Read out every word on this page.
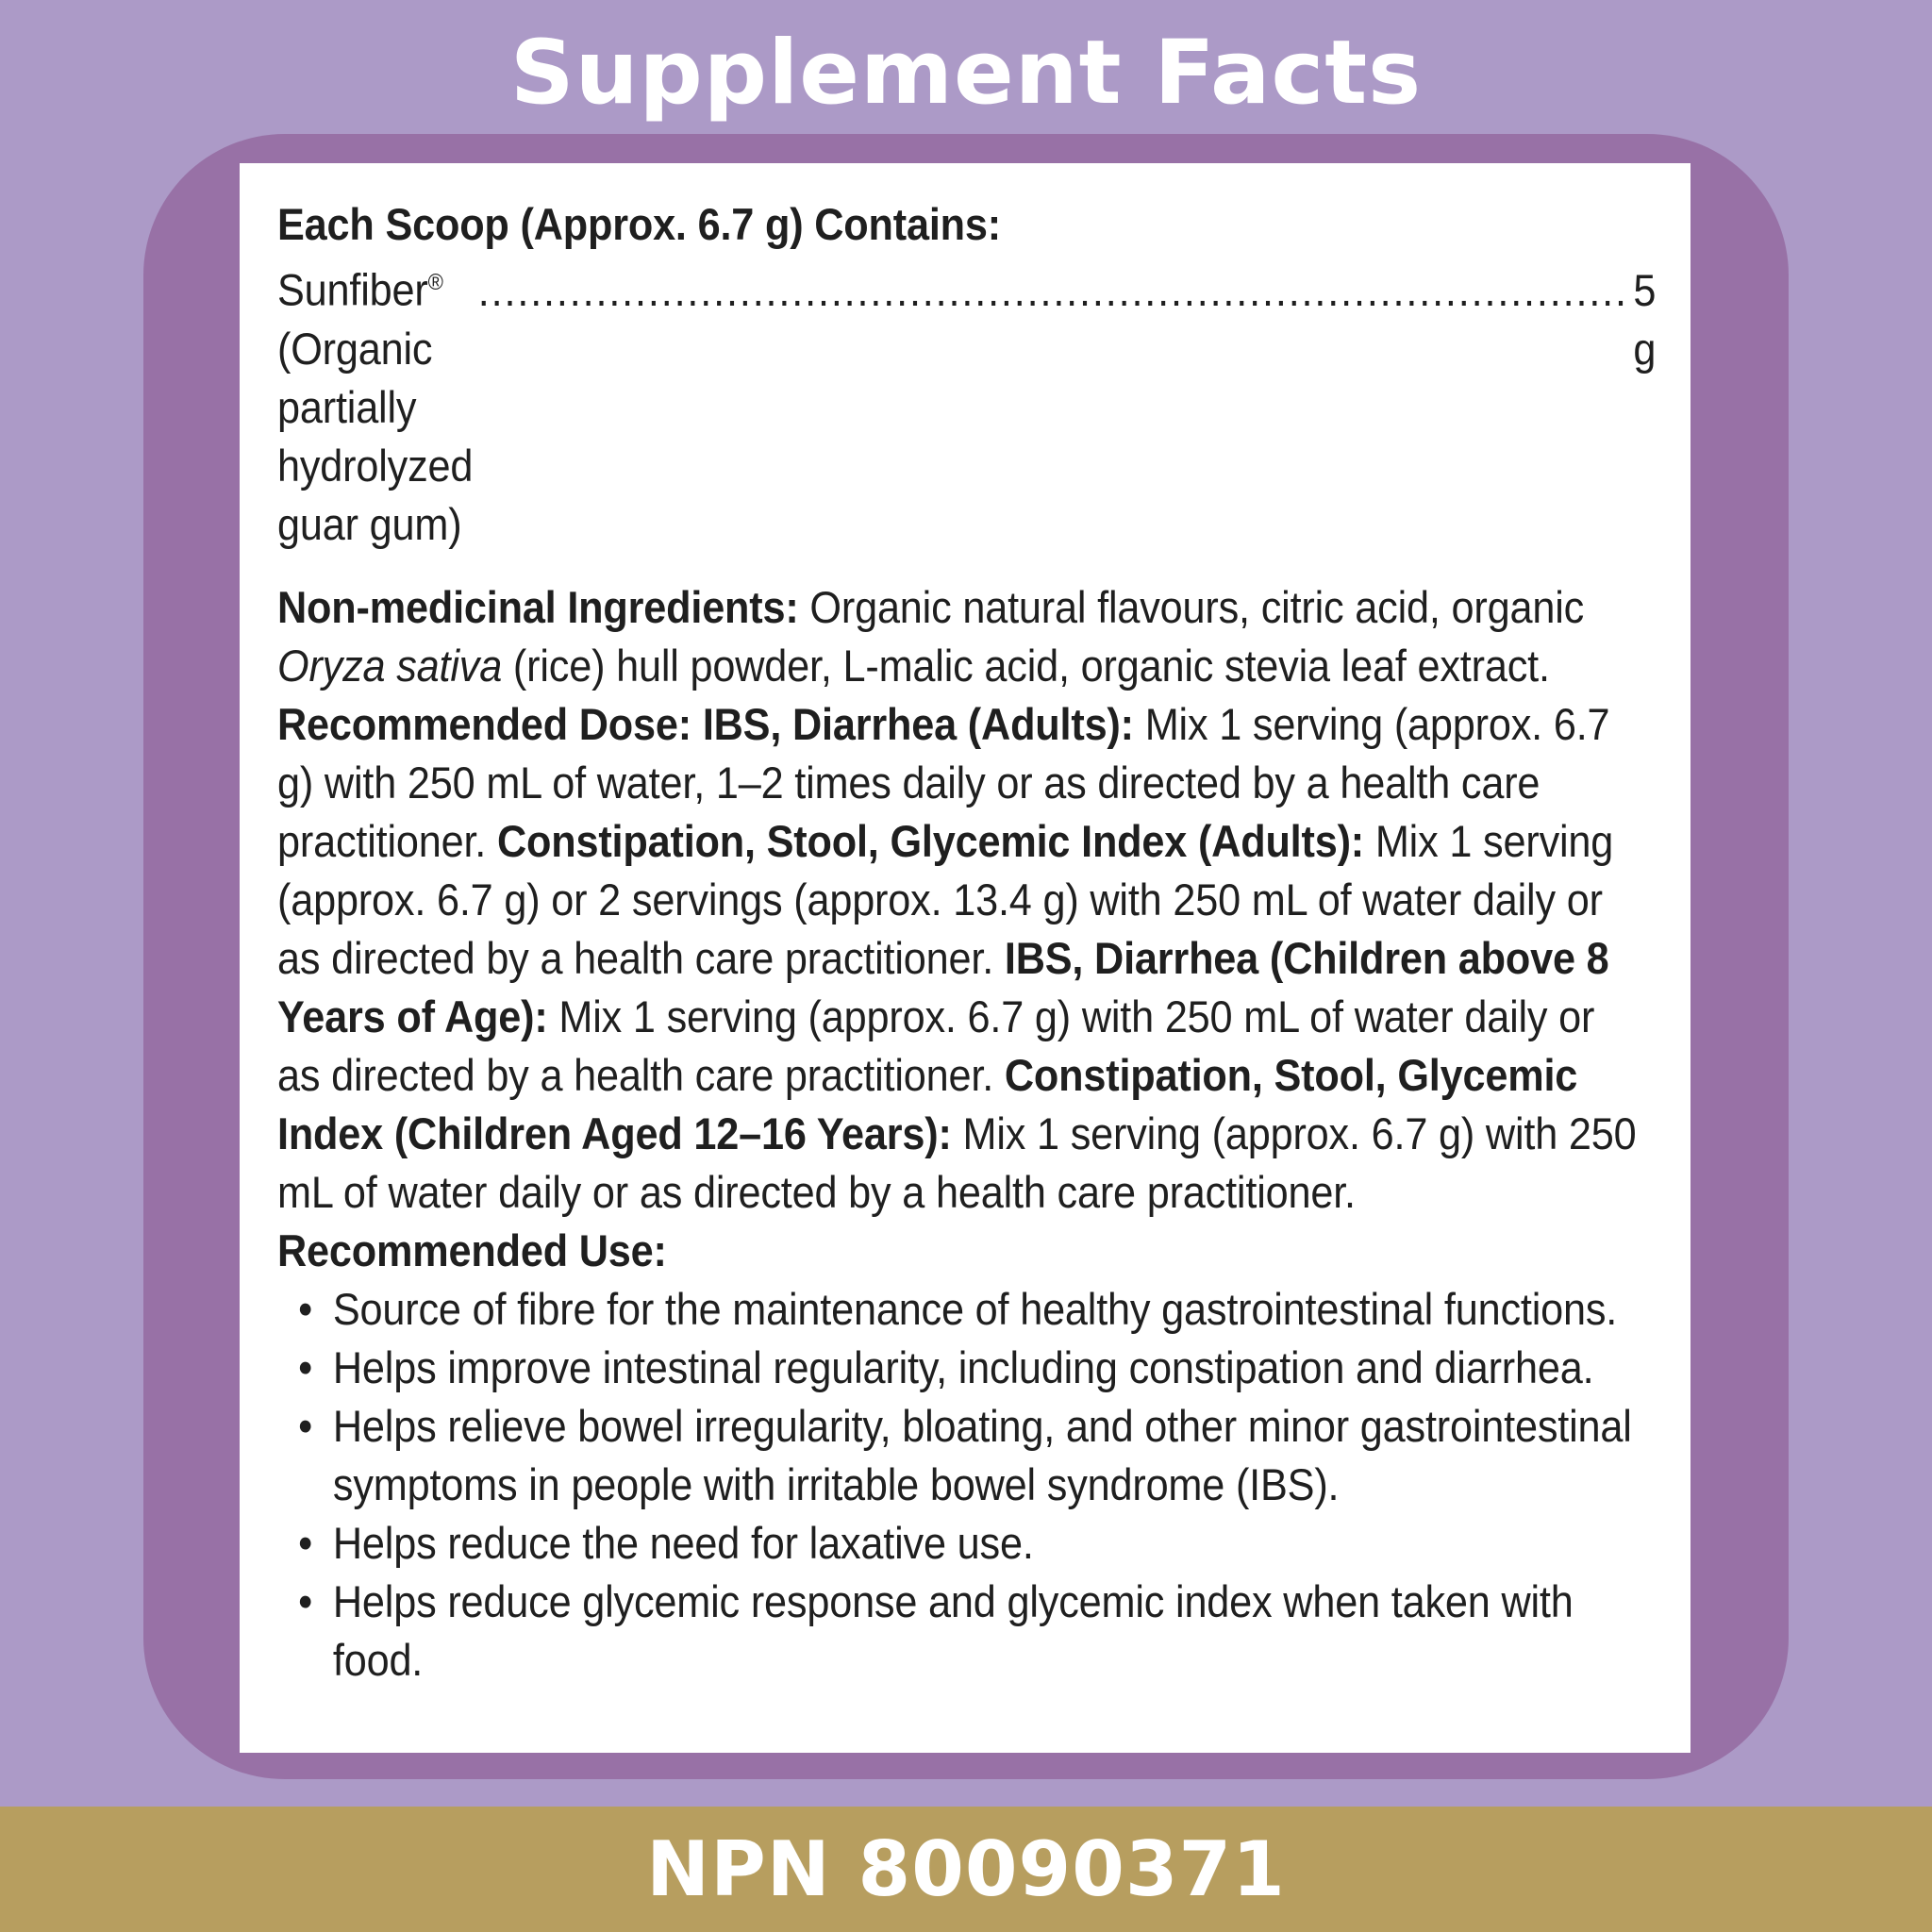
Supplement Facts

Each Scoop (Approx. 6.7 g) Contains:

Sunfiber® (Organic partially hydrolyzed guar gum)
........................................................................................ 5 g

Non-medicinal Ingredients: Organic natural flavours, citric acid, organic Oryza sativa (rice) hull powder, L-malic acid, organic stevia leaf extract.

Recommended Dose: IBS, Diarrhea (Adults): Mix 1 serving (approx. 6.7 g) with 250 mL of water, 1–2 times daily or as directed by a health care practitioner. Constipation, Stool, Glycemic Index (Adults): Mix 1 serving (approx. 6.7 g) or 2 servings (approx. 13.4 g) with 250 mL of water daily or as directed by a health care practitioner. IBS, Diarrhea (Children above 8 Years of Age): Mix 1 serving (approx. 6.7 g) with 250 mL of water daily or as directed by a health care practitioner. Constipation, Stool, Glycemic Index (Children Aged 12–16 Years): Mix 1 serving (approx. 6.7 g) with 250 mL of water daily or as directed by a health care practitioner.

Recommended Use:

• Source of fibre for the maintenance of healthy gastrointestinal functions.
• Helps improve intestinal regularity, including constipation and diarrhea.
• Helps relieve bowel irregularity, bloating, and other minor gastrointestinal symptoms in people with irritable bowel syndrome (IBS).
• Helps reduce the need for laxative use.
• Helps reduce glycemic response and glycemic index when taken with food.
NPN 80090371
